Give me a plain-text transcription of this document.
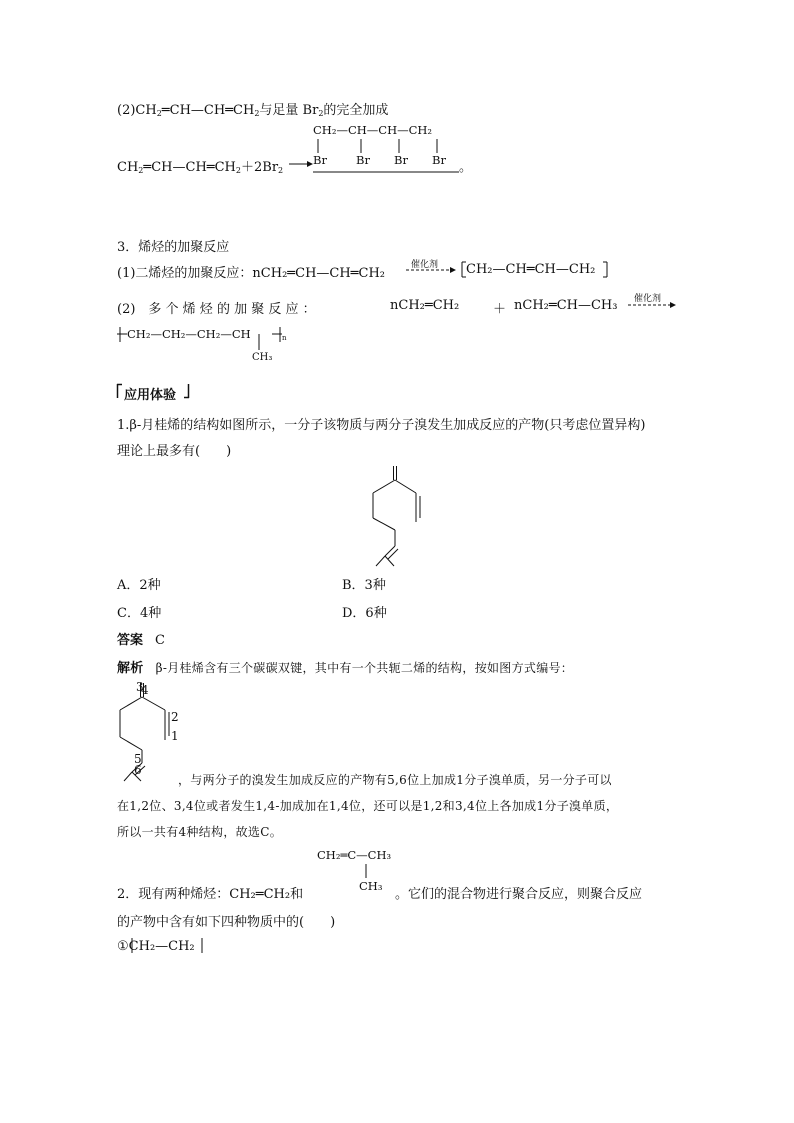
$(2)CH_2═CH—CH═CH_2$与足量 $Br_2$的完全加成
CH₂—CH—CH—CH₂
Br	Br Br Br
$CH_2═CH—CH═CH_2+2Br_2$	。
3．烯烃的加聚反应
(1)二烯烃的加聚反应：nCH₂═CH—CH═CH₂
催化剂 CH₂—CH═CH—CH₂
(2)　多 个 烯 烃 的 加 聚 反 应 ：	nCH₂═CH₂	＋ nCH₂═CH—CH₃ 催化剂
CH₂—CH₂—CH₂—CH	n
CH₃
应用体验
1.β-月桂烯的结构如图所示，一分子该物质与两分子溴发生加成反应的产物(只考虑位置异构)
理论上最多有(　　)
A．2种	B．3种
C．4种	D．6种
答案 C
解析 β-月桂烯含有三个碳碳双键，其中有一个共轭二烯的结构，按如图方式编号：
3
4
2
1
5
6
，与两分子的溴发生加成反应的产物有5,6位上加成1分子溴单质，另一分子可以
在1,2位、3,4位或者发生1,4-加成加在1,4位，还可以是1,2和3,4位上各加成1分子溴单质，
所以一共有4种结构，故选C。
CH₂═C—CH₃
CH₃
2．现有两种烯烃：CH₂═CH₂和	。它们的混合物进行聚合反应，则聚合反应
的产物中含有如下四种物质中的(　　)
①CH₂—CH₂
